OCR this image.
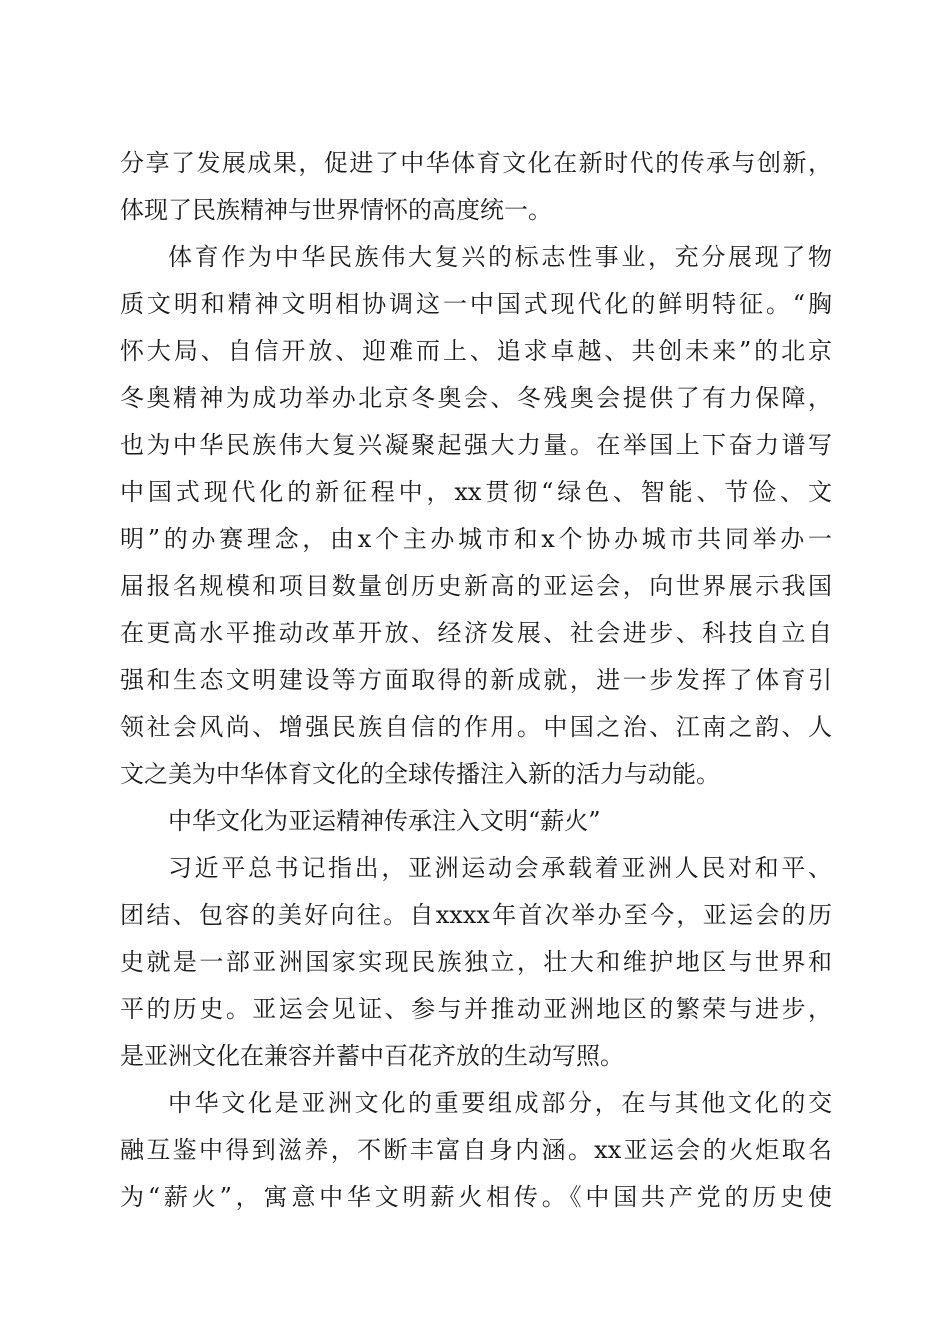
分享了发展成果，促进了中华体育文化在新时代的传承与创新，
体现了民族精神与世界情怀的高度统一。
体育作为中华民族伟大复兴的标志性事业，充分展现了物
质文明和精神文明相协调这一中国式现代化的鲜明特征。“胸
怀大局、自信开放、迎难而上、追求卓越、共创未来”的北京
冬奥精神为成功举办北京冬奥会、冬残奥会提供了有力保障，
也为中华民族伟大复兴凝聚起强大力量。在举国上下奋力谱写
中国式现代化的新征程中，xx贯彻“绿色、智能、节俭、文
明”的办赛理念，由x个主办城市和x个协办城市共同举办一
届报名规模和项目数量创历史新高的亚运会，向世界展示我国
在更高水平推动改革开放、经济发展、社会进步、科技自立自
强和生态文明建设等方面取得的新成就，进一步发挥了体育引
领社会风尚、增强民族自信的作用。中国之治、江南之韵、人
文之美为中华体育文化的全球传播注入新的活力与动能。
中华文化为亚运精神传承注入文明“薪火”
习近平总书记指出，亚洲运动会承载着亚洲人民对和平、
团结、包容的美好向往。自xxxx年首次举办至今，亚运会的历
史就是一部亚洲国家实现民族独立，壮大和维护地区与世界和
平的历史。亚运会见证、参与并推动亚洲地区的繁荣与进步，
是亚洲文化在兼容并蓄中百花齐放的生动写照。
中华文化是亚洲文化的重要组成部分，在与其他文化的交
融互鉴中得到滋养，不断丰富自身内涵。xx亚运会的火炬取名
为“薪火”，寓意中华文明薪火相传。《中国共产党的历史使
